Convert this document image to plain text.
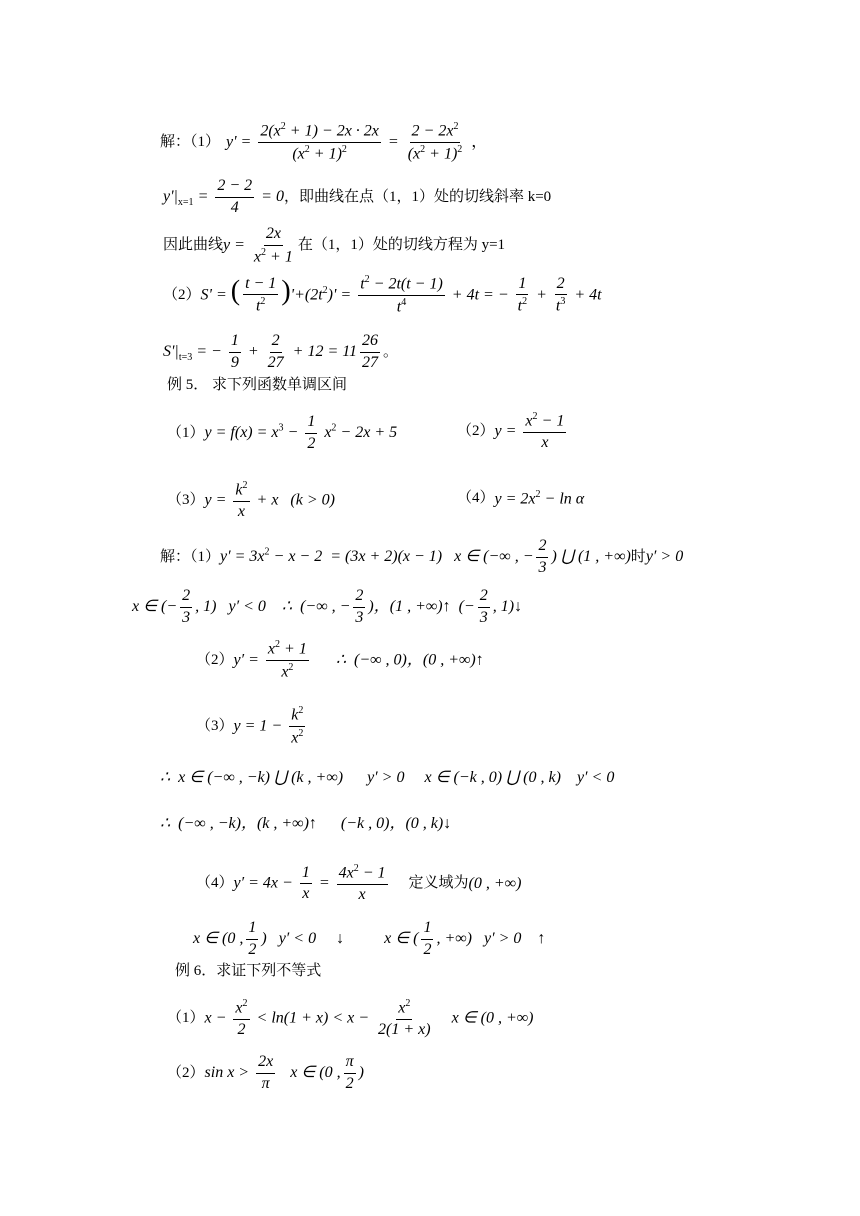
解：（1） $y' = \frac{2(x^2 + 1) - 2x \cdot 2x}{(x^2 + 1)^2} = \frac{2 - 2x^2}{(x^2 + 1)^2}$ ，
$y'|_{x=1} = \frac{2 - 2}{4} = 0$ ，即曲线在点（1，1）处的切线斜率 k=0
因此曲线 $y = \frac{2x}{x^2 + 1}$ 在（1，1）处的切线方程为 y=1
（2） S' = ( $\frac{t - 1}{t^2} )'+(2t^2)' = \frac{t^2 - 2t(t - 1)}{t^4} + 4t$ = − $\frac{1}{t^2} + \frac{2}{t^3} + 4t$
$S'|_{t=3}$ = − $\frac{1}{9} + \frac{2}{27} + 12 = 11 \frac{26}{27}$ 。
例 5． 求下列函数单调区间
（1） $y = f(x) = x^3 - \frac{1}{2} x^2 - 2x + 5$	（2） $y = \frac{x^2 - 1}{x}$
（3） $y = \frac{k^2}{x} + x$   (k > 0)	（4） $y = 2x^2 - \ln \alpha$
解：（1） $y' = 3x^2 - x - 2 = (3x + 2)(x - 1)$   x ∈ (−∞ , − $\frac{2}{3}$ ) ⋃ (1 , +∞) 时 y′ > 0
x ∈ (− $\frac{2}{3}$ , 1)   y′ < 0    ∴  (−∞ , − $\frac{2}{3}$ )，(1 , +∞)↑  (− $\frac{2}{3}$ , 1)↓
（2） $y' = \frac{x^2 + 1}{x^2}$ ∴  (−∞ , 0)，(0 , +∞)↑
（3） $y = 1 - \frac{k^2}{x^2}$
∴  x ∈ (−∞ , −k) ⋃ (k , +∞)      y′ > 0     x ∈ (−k , 0) ⋃ (0 , k)    y′ < 0
∴  (−∞ , −k)，(k , +∞)↑      (−k , 0)，(0 , k)↓
（4） $y' = 4x - \frac{1}{x} = \frac{4x^2 - 1}{x}$ 定义域为 (0 , +∞)
x ∈ (0 , $\frac{1}{2}$ )   y′ < 0     ↓          x ∈ ( $\frac{1}{2}$ , +∞)   y′ > 0    ↑
例 6．求证下列不等式
（1） $x - \frac{x^2}{2} < \ln(1 + x) < x - \frac{x^2}{2(1 + x)}$ x ∈ (0 , +∞)
（2） $\sin x > \frac{2x}{\pi}$ x ∈ (0 , $\frac{\pi}{2}$ )
